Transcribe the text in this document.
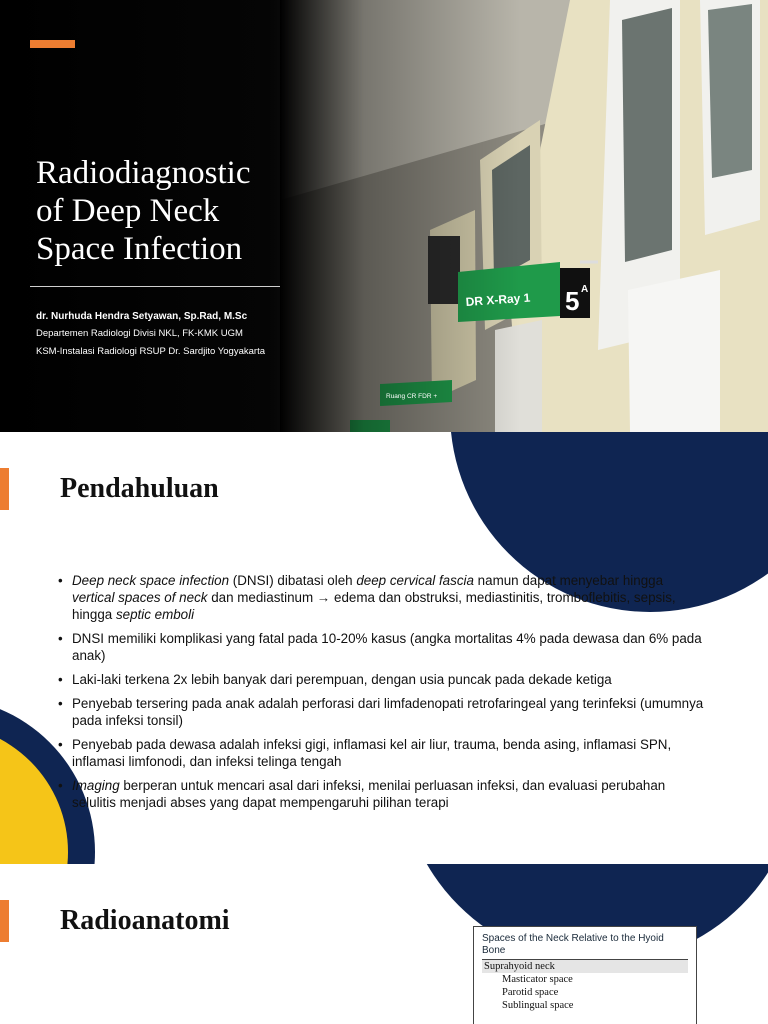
DR X-Ray 1 5 A
Ruang CR FDR +
Radiodiagnostic
of Deep Neck
Space Infection
dr. Nurhuda Hendra Setyawan, Sp.Rad, M.Sc
Departemen Radiologi Divisi NKL, FK-KMK UGM
KSM-Instalasi Radiologi RSUP Dr. Sardjito Yogyakarta
Pendahuluan
• Deep neck space infection (DNSI) dibatasi oleh deep cervical fascia namun dapat menyebar hingga vertical spaces of neck dan mediastinum → edema dan obstruksi, mediastinitis, tromboflebitis, sepsis, hingga septic emboli
• DNSI memiliki komplikasi yang fatal pada 10-20% kasus (angka mortalitas 4% pada dewasa dan 6% pada anak)
• Laki-laki terkena 2x lebih banyak dari perempuan, dengan usia puncak pada dekade ketiga
• Penyebab tersering pada anak adalah perforasi dari limfadenopati retrofaringeal yang terinfeksi (umumnya pada infeksi tonsil)
• Penyebab pada dewasa adalah infeksi gigi, inflamasi kel air liur, trauma, benda asing, inflamasi SPN, inflamasi limfonodi, dan infeksi telinga tengah
• Imaging berperan untuk mencari asal dari infeksi, menilai perluasan infeksi, dan evaluasi perubahan selulitis menjadi abses yang dapat mempengaruhi pilihan terapi
Radioanatomi
Spaces of the Neck Relative to the Hyoid Bone
Suprahyoid neck
Masticator space
Parotid space
Sublingual space
